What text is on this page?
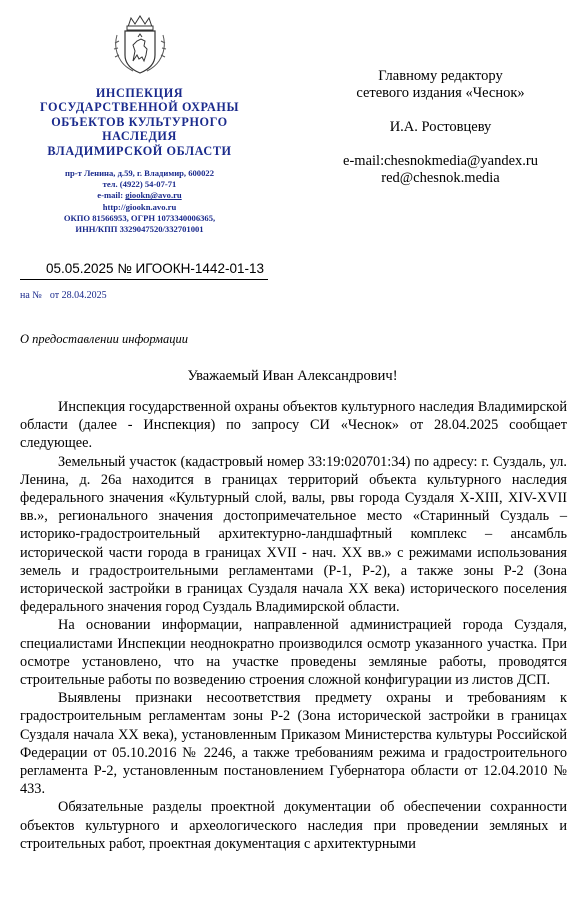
ИНСПЕКЦИЯ
ГОСУДАРСТВЕННОЙ ОХРАНЫ
ОБЪЕКТОВ КУЛЬТУРНОГО
НАСЛЕДИЯ
ВЛАДИМИРСКОЙ ОБЛАСТИ
пр-т Ленина, д.59, г. Владимир, 600022
тел. (4922) 54-07-71
e-mail: giookn@avo.ru
http://giookn.avo.ru
ОКПО 81566953, ОГРН 1073340006365,
ИНН/КПП 3329047520/332701001
Главному редактору
сетевого издания «Чеснок»
И.А. Ростовцеву
e-mail:chesnokmedia@yandex.ru
red@chesnok.media
05.05.2025 № ИГООКН-1442-01-13
на № от 28.04.2025
О предоставлении информации
Уважаемый Иван Александрович!

Инспекция государственной охраны объектов культурного наследия Владимирской области (далее - Инспекция) по запросу СИ «Чеснок» от 28.04.2025 сообщает следующее.

Земельный участок (кадастровый номер 33:19:020701:34) по адресу: г. Суздаль, ул. Ленина, д. 26а находится в границах территорий объекта культурного наследия федерального значения «Культурный слой, валы, рвы города Суздаля X-XIII, XIV-XVII вв.», регионального значения достопримечательное место «Старинный Суздаль – историко-градостроительный архитектурно-ландшафтный комплекс – ансамбль исторической части города в границах XVII - нач. XX вв.» с режимами использования земель и градостроительными регламентами (Р-1, Р-2), а также зоны Р-2 (Зона исторической застройки в границах Суздаля начала XX века) исторического поселения федерального значения город Суздаль Владимирской области.

На основании информации, направленной администрацией города Суздаля, специалистами Инспекции неоднократно производился осмотр указанного участка. При осмотре установлено, что на участке проведены земляные работы, проводятся строительные работы по возведению строения сложной конфигурации из листов ДСП.

Выявлены признаки несоответствия предмету охраны и требованиям к градостроительным регламентам зоны Р-2 (Зона исторической застройки в границах Суздаля начала XX века), установленным Приказом Министерства культуры Российской Федерации от 05.10.2016 № 2246, а также требованиям режима и градостроительного регламента Р-2, установленным постановлением Губернатора области от 12.04.2010 № 433.

Обязательные разделы проектной документации об обеспечении сохранности объектов культурного и археологического наследия при проведении земляных и строительных работ, проектная документация с архитектурными
